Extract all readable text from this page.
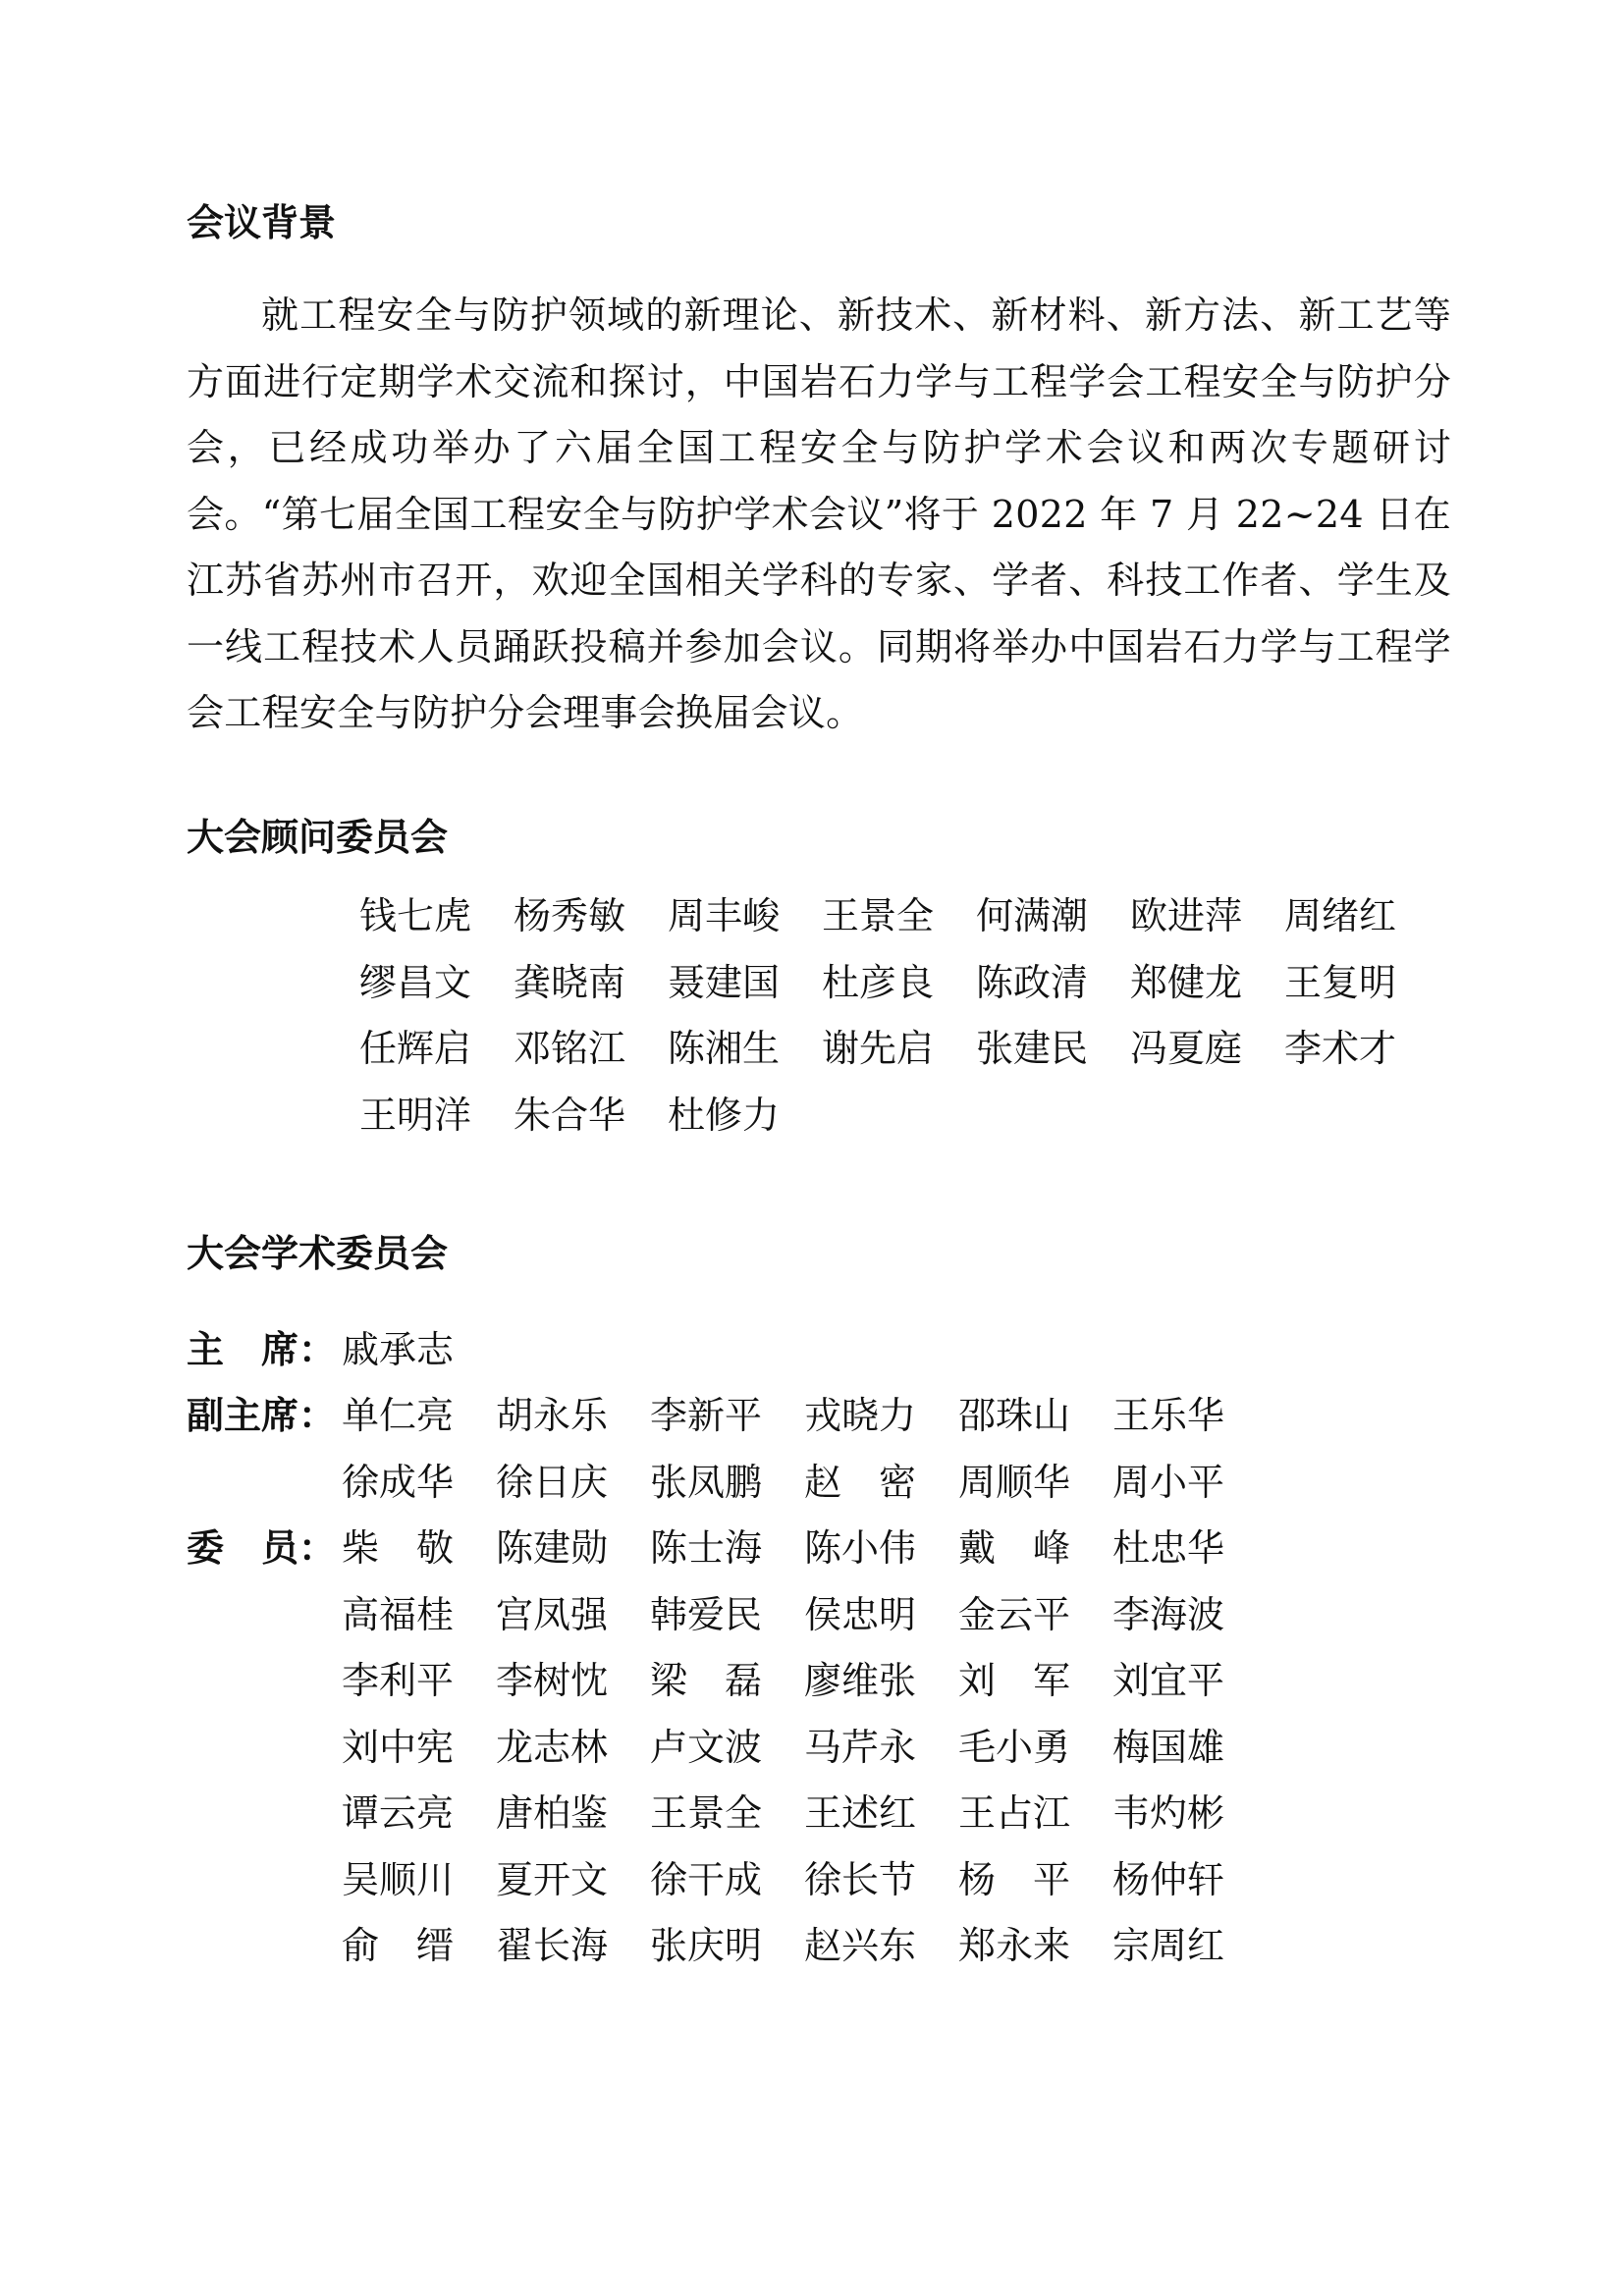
会议背景

就工程安全与防护领域的新理论、新技术、新材料、新方法、新工艺等方面进行定期学术交流和探讨，中国岩石力学与工程学会工程安全与防护分会，已经成功举办了六届全国工程安全与防护学术会议和两次专题研讨会。“第七届全国工程安全与防护学术会议”将于 2022 年 7 月 22~24 日在江苏省苏州市召开，欢迎全国相关学科的专家、学者、科技工作者、学生及一线工程技术人员踊跃投稿并参加会议。同期将举办中国岩石力学与工程学会工程安全与防护分会理事会换届会议。

大会顾问委员会
钱 七 虎 杨 秀 敏 周 丰 峻 王 景 全 何 满 潮 欧 进 萍 周 绪 红
缪 昌 文 龚 晓 南 聂 建 国 杜 彦 良 陈 政 清 郑 健 龙 王 复 明
任 辉 启 邓 铭 江 陈 湘 生 谢 先 启 张 建 民 冯 夏 庭 李 术 才
王 明 洋 朱 合 华 杜 修 力
大会学术委员会
主 席 ： 戚 承 志
副 主 席 ： 单 仁 亮 胡 永 乐 李 新 平 戎 晓 力 邵 珠 山 王 乐 华
徐 成 华 徐 日 庆 张 凤 鹏 赵 密 周 顺 华 周 小 平
委 员 ： 柴 敬 陈 建 勋 陈 士 海 陈 小 伟 戴 峰 杜 忠 华
高 福 桂 宫 凤 强 韩 爱 民 侯 忠 明 金 云 平 李 海 波
李 利 平 李 树 忱 梁 磊 廖 维 张 刘 军 刘 宜 平
刘 中 宪 龙 志 林 卢 文 波 马 芹 永 毛 小 勇 梅 国 雄
谭 云 亮 唐 柏 鉴 王 景 全 王 述 红 王 占 江 韦 灼 彬
吴 顺 川 夏 开 文 徐 干 成 徐 长 节 杨 平 杨 仲 轩
俞 缙 翟 长 海 张 庆 明 赵 兴 东 郑 永 来 宗 周 红
